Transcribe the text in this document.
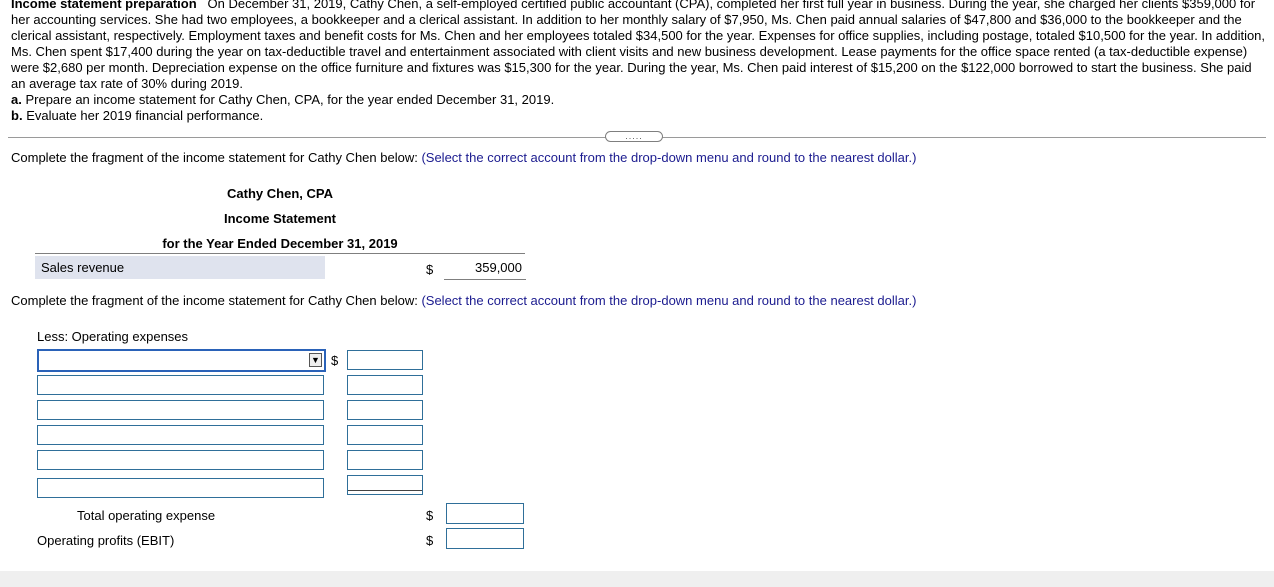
Income statement preparation On December 31, 2019, Cathy Chen, a self-employed certified public accountant (CPA), completed her first full year in business. During the year, she charged her clients $359,000 for her accounting services. She had two employees, a bookkeeper and a clerical assistant. In addition to her monthly salary of $7,950, Ms. Chen paid annual salaries of $47,800 and $36,000 to the bookkeeper and the clerical assistant, respectively. Employment taxes and benefit costs for Ms. Chen and her employees totaled $34,500 for the year. Expenses for office supplies, including postage, totaled $10,500 for the year. In addition, Ms. Chen spent $17,400 during the year on tax-deductible travel and entertainment associated with client visits and new business development. Lease payments for the office space rented (a tax-deductible expense) were $2,680 per month. Depreciation expense on the office furniture and fixtures was $15,300 for the year. During the year, Ms. Chen paid interest of $15,200 on the $122,000 borrowed to start the business. She paid an average tax rate of 30% during 2019.

a. Prepare an income statement for Cathy Chen, CPA, for the year ended December 31, 2019.

b. Evaluate her 2019 financial performance.

.....
Complete the fragment of the income statement for Cathy Chen below: (Select the correct account from the drop-down menu and round to the nearest dollar.)
Cathy Chen, CPA
Income Statement
for the Year Ended December 31, 2019
Sales revenue	$	359,000
Complete the fragment of the income statement for Cathy Chen below: (Select the correct account from the drop-down menu and round to the nearest dollar.)
Less: Operating expenses
▼ $
Total operating expense	$
Operating profits (EBIT)	$
